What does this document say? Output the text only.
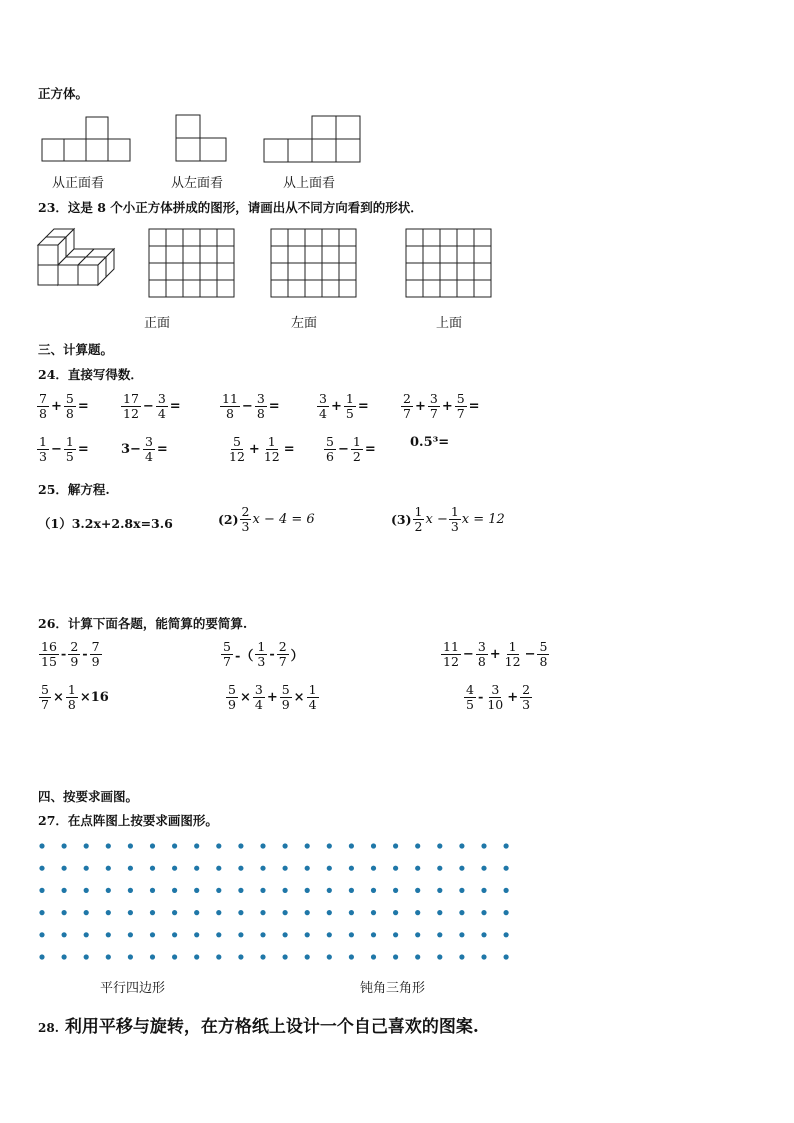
正方体。
从正面看	从左面看	从上面看
23．这是 8 个小正方体拼成的图形，请画出从不同方向看到的形状．
正面	左面	上面
三、计算题。
24．直接写得数．
7
$8 + \frac{5}{8}$ =
17
$12 - \frac{3}{4}$ =
11
$8 - \frac{3}{8}$ =
3
$4 + \frac{1}{5}$ =
2
$7 + \frac{3}{7} + \frac{5}{7}$ =
1
$3 - \frac{1}{5} = 3- \frac{3}{4}$ =
5
$12 + \frac{1}{12}$ =
5
$6 - \frac{1}{2}$ =	0.5³=
25．解方程.
（1）3.2x+2.8x=3.6	(2)
2
3 x − 4 = 6	(3)
1
2 $x - \frac{1}{3}$ x = 12
26．计算下面各题，能简算的要简算.
16
15 -
2
9 -
7
9
5
7 -（
1
3 -
2
7 ）
11
$12 - \frac{3}{8} + \frac{1}{12} - \frac{5}{8}$
$\frac{5}{7} \times \frac{1}{8} \times 16$	$\frac{5}{9} \times \frac{3}{4} + \frac{5}{9} \times \frac{1}{4}$	4
5 -
3
$10 + \frac{2}{3}$
四、按要求画图。
27．在点阵图上按要求画图形。
平行四边形	钝角三角形
28. 利用平移与旋转，在方格纸上设计一个自己喜欢的图案.
